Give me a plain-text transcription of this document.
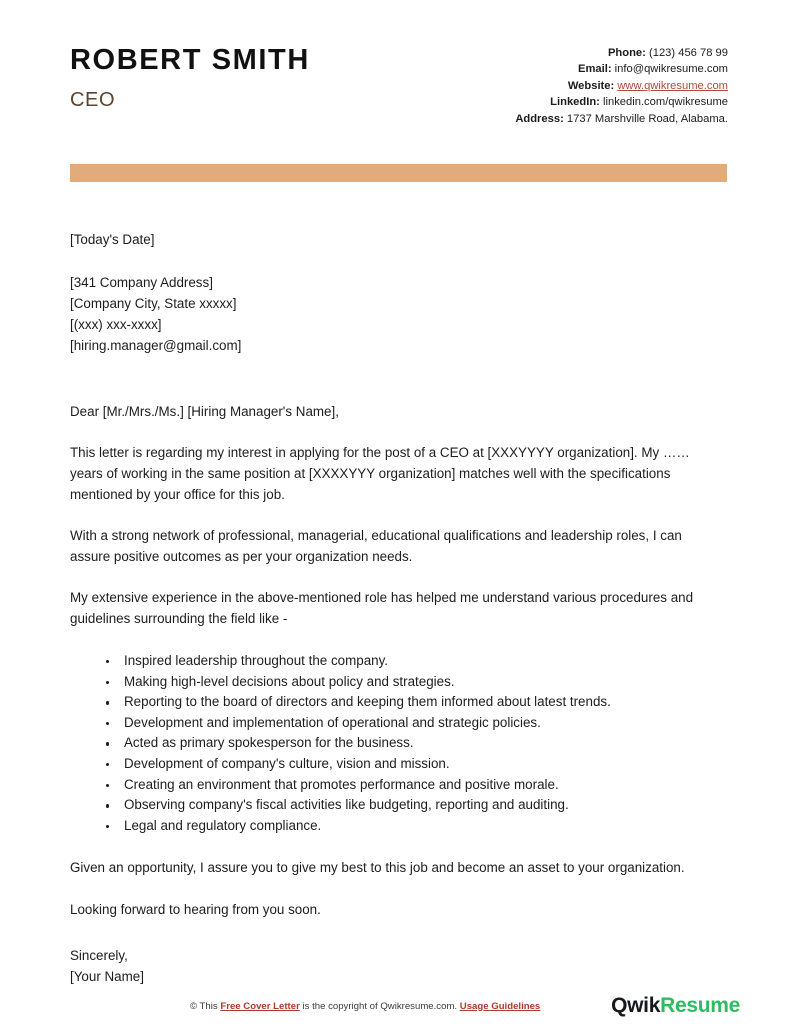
ROBERT SMITH
CEO
Phone: (123) 456 78 99
Email: info@qwikresume.com
Website: www.qwikresume.com
LinkedIn: linkedin.com/qwikresume
Address: 1737 Marshville Road, Alabama.
[Today's Date]
[341 Company Address]
[Company City, State xxxxx]
[(xxx) xxx-xxxx]
[hiring.manager@gmail.com]
Dear [Mr./Mrs./Ms.] [Hiring Manager's Name],
This letter is regarding my interest in applying for the post of a CEO at [XXXYYYY organization]. My …… years of working in the same position at [XXXXYYY organization] matches well with the specifications mentioned by your office for this job.
With a strong network of professional, managerial, educational qualifications and leadership roles, I can assure positive outcomes as per your organization needs.
My extensive experience in the above-mentioned role has helped me understand various procedures and guidelines surrounding the field like -
Inspired leadership throughout the company.
Making high-level decisions about policy and strategies.
Reporting to the board of directors and keeping them informed about latest trends.
Development and implementation of operational and strategic policies.
Acted as primary spokesperson for the business.
Development of company's culture, vision and mission.
Creating an environment that promotes performance and positive morale.
Observing company's fiscal activities like budgeting, reporting and auditing.
Legal and regulatory compliance.
Given an opportunity, I assure you to give my best to this job and become an asset to your organization.
Looking forward to hearing from you soon.
Sincerely,
[Your Name]
© This Free Cover Letter is the copyright of Qwikresume.com. Usage Guidelines	QwikResume
